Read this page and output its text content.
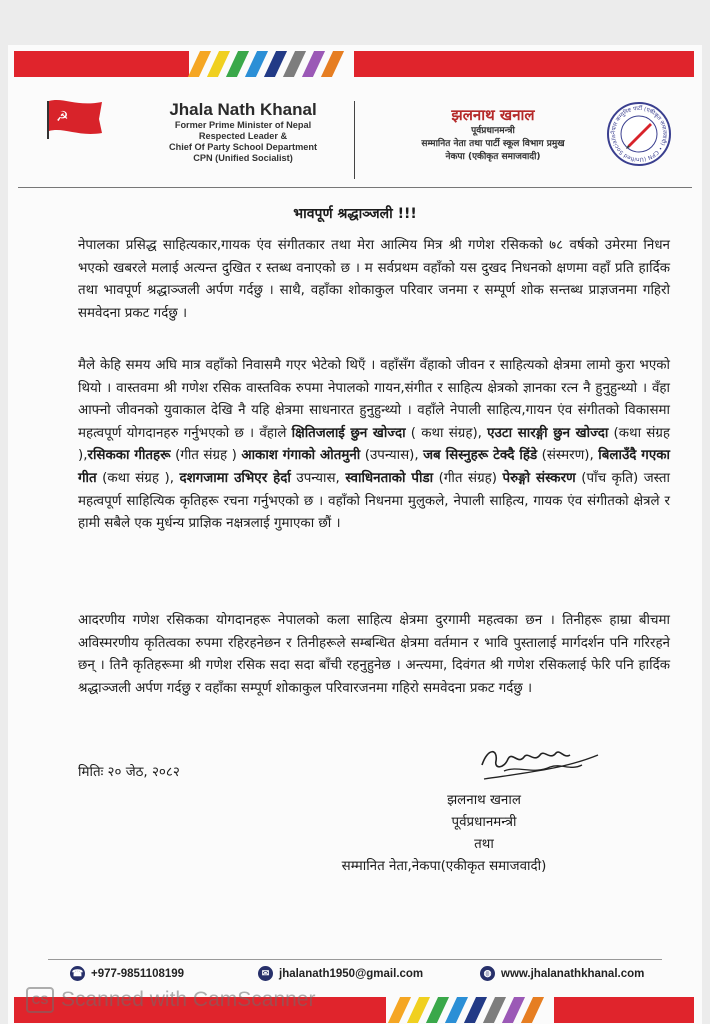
☭	Jhala Nath Khanal
Former Prime Minister of Nepal
Respected Leader &
Chief Of Party School Department
CPN (Unified Socialist)
झलनाथ खनाल
पूर्वप्रधानमन्त्री
सम्मानित नेता तथा पार्टी स्कूल विभाग प्रमुख
नेकपा (एकीकृत समाजवादी)
नेपाल कम्युनिष्ट पार्टी (एकीकृत समाजवादी) • CPN (Unified Socialis
भावपूर्ण श्रद्धाञ्जली !!!

नेपालका प्रसिद्ध साहित्यकार,गायक एंव संगीतकार तथा मेरा आत्मिय मित्र श्री गणेश रसिकको ७८ वर्षको उमेरमा निधन भएको खबरले मलाई अत्यन्त दुखित र स्तब्ध वनाएको छ । म सर्वप्रथम वहाँको यस दुखद निधनको क्षणमा वहाँ प्रति हार्दिक तथा भावपूर्ण श्रद्धाञ्जली अर्पण गर्दछु । साथै, वहाँका शोकाकुल परिवार जनमा र सम्पूर्ण शोक सन्तब्ध प्राज्ञजनमा गहिरो समवेदना प्रकट गर्दछु ।

मैले केहि समय अघि मात्र वहाँको निवासमै गएर भेटेको थिएँ । वहाँसँग वँहाको जीवन र साहित्यको क्षेत्रमा लामो कुरा भएको थियो । वास्तवमा श्री गणेश रसिक वास्तविक रुपमा नेपालको गायन,संगीत र साहित्य क्षेत्रको ज्ञानका रत्न नै हुनुहुन्थ्यो । वँहा आफ्नो जीवनको युवाकाल देखि नै यहि क्षेत्रमा साधनारत हुनुहुन्थ्यो । वहाँले नेपाली साहित्य,गायन एंव संगीतको विकासमा महत्वपूर्ण योगदानहरु गर्नुभएको छ । वँहाले क्षितिजलाई छुन खोज्दा ( कथा संग्रह), एउटा सारङ्गी छुन खोज्दा (कथा संग्रह ),रसिकका गीतहरू (गीत संग्रह ) आकाश गंगाको ओतमुनी (उपन्यास), जब सिस्नुहरू टेक्दै हिंडे (संस्मरण), बिलाउँदै गएका गीत (कथा संग्रह ), दशगजामा उभिएर हेर्दा उपन्यास, स्वाधिनताको पीडा (गीत संग्रह) पेरुङ्गो संस्करण (पाँच कृति) जस्ता महत्वपूर्ण साहित्यिक कृतिहरू रचना गर्नुभएको छ । वहाँको निधनमा मुलुकले, नेपाली साहित्य, गायक एंव संगीतको क्षेत्रले र हामी सबैले एक मुर्धन्य प्राज्ञिक नक्षत्रलाई गुमाएका छौं ।

आदरणीय गणेश रसिकका योगदानहरू नेपालको कला साहित्य क्षेत्रमा दुरगामी महत्वका छन । तिनीहरू हाम्रा बीचमा अविस्मरणीय कृतित्वका रुपमा रहिरहनेछन र तिनीहरूले सम्बन्धित क्षेत्रमा वर्तमान र भावि पुस्तालाई मार्गदर्शन पनि गरिरहने छन् । तिनै कृतिहरूमा श्री गणेश रसिक सदा सदा बाँची रहनुहुनेछ । अन्त्यमा, दिवंगत श्री गणेश रसिकलाई फेरि पनि हार्दिक श्रद्धाञ्जली अर्पण गर्दछु र वहाँका सम्पूर्ण शोकाकुल परिवारजनमा गहिरो समवेदना प्रकट गर्दछु ।

मितिः २० जेठ, २०८२
झलनाथ खनाल
पूर्वप्रधानमन्त्री
तथा
सम्मानित नेता,नेकपा(एकीकृत समाजवादी)
☎ +977-9851108199	✉ jhalanath1950@gmail.com	◍ www.jhalanathkhanal.com
CS Scanned with CamScanner
